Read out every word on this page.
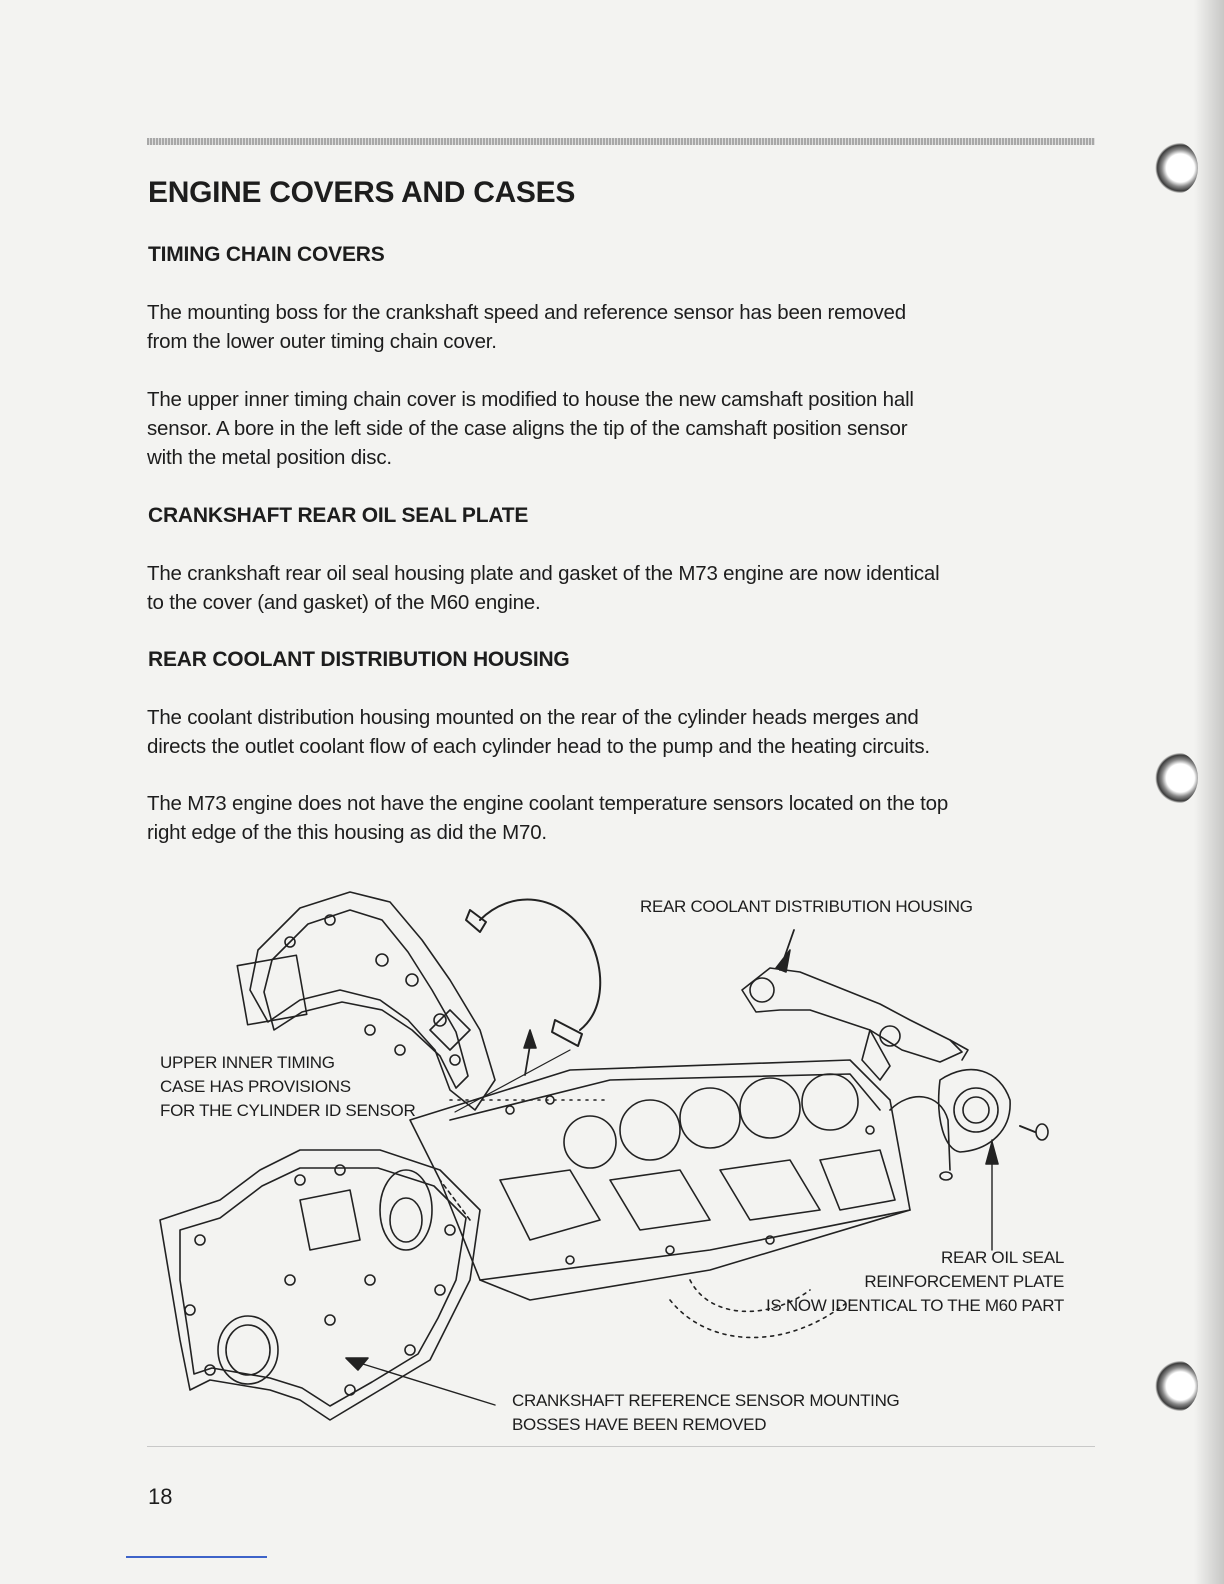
ENGINE COVERS AND CASES
TIMING CHAIN COVERS

The mounting boss for the crankshaft speed and reference sensor has been removed
from the lower outer timing chain cover.

The upper inner timing chain cover is modified to house the new camshaft position hall
sensor. A bore in the left side of the case aligns the tip of the camshaft position sensor
with the metal position disc.

CRANKSHAFT REAR OIL SEAL PLATE

The crankshaft rear oil seal housing plate and gasket of the M73 engine are now identical
to the cover (and gasket) of the M60 engine.

REAR COOLANT DISTRIBUTION HOUSING

The coolant distribution housing mounted on the rear of the cylinder heads merges and
directs the outlet coolant flow of each cylinder head to the pump and the heating circuits.

The M73 engine does not have the engine coolant temperature sensors located on the top
right edge of the this housing as did the M70.

REAR COOLANT DISTRIBUTION HOUSING

UPPER INNER TIMING
CASE HAS PROVISIONS
FOR THE CYLINDER ID SENSOR

REAR OIL SEAL
REINFORCEMENT PLATE
IS NOW IDENTICAL TO THE M60 PART

CRANKSHAFT REFERENCE SENSOR MOUNTING
BOSSES HAVE BEEN REMOVED

18
